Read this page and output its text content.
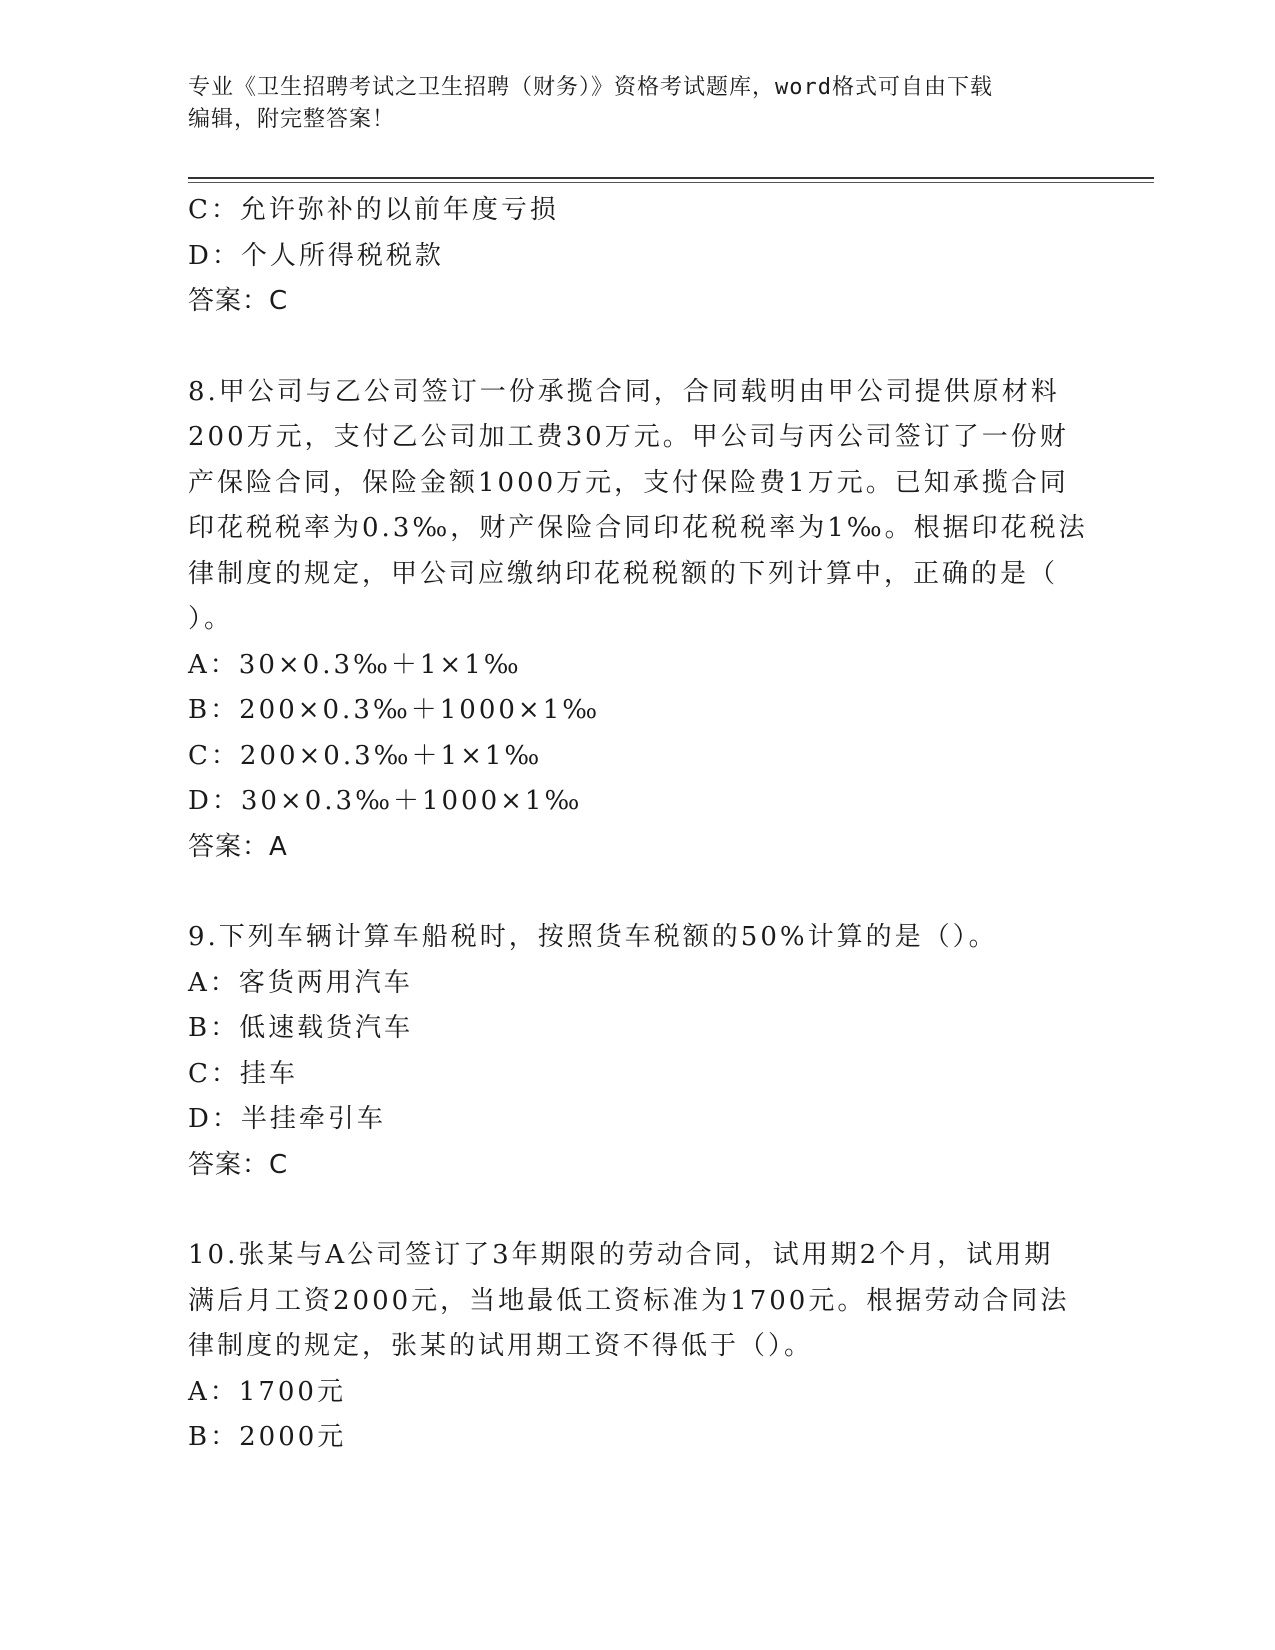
专业《卫生招聘考试之卫生招聘（财务）》资格考试题库，word格式可自由下载
编辑，附完整答案！
C：允许弥补的以前年度亏损
D：个人所得税税款
答案：C
8.甲公司与乙公司签订一份承揽合同，合同载明由甲公司提供原材料
200万元，支付乙公司加工费30万元。甲公司与丙公司签订了一份财
产保险合同，保险金额1000万元，支付保险费1万元。已知承揽合同
印花税税率为0.3‰，财产保险合同印花税税率为1‰。根据印花税法
律制度的规定，甲公司应缴纳印花税税额的下列计算中，正确的是（
）。
A：30×0.3‰＋1×1‰
B：200×0.3‰＋1000×1‰
C：200×0.3‰＋1×1‰
D：30×0.3‰＋1000×1‰
答案：A
9.下列车辆计算车船税时，按照货车税额的50%计算的是（）。
A：客货两用汽车
B：低速载货汽车
C：挂车
D：半挂牵引车
答案：C
10.张某与A公司签订了3年期限的劳动合同，试用期2个月，试用期
满后月工资2000元，当地最低工资标准为1700元。根据劳动合同法
律制度的规定，张某的试用期工资不得低于（）。
A：1700元
B：2000元
